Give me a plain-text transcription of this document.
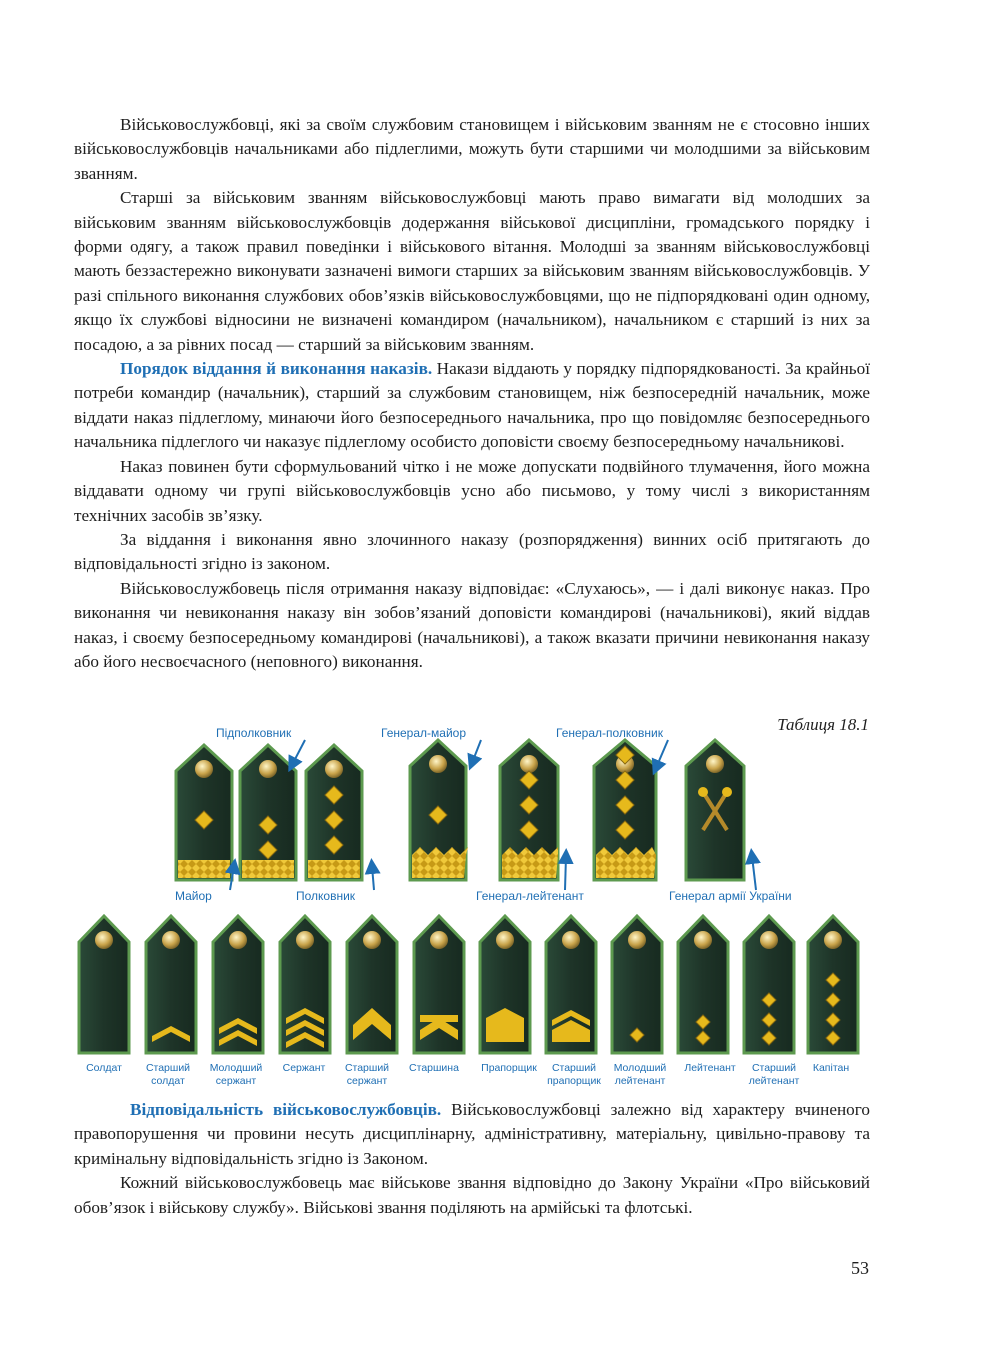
Військовослужбовці, які за своїм службовим становищем і військовим званням не є стосовно інших військовослужбовців начальниками або підлеглими, можуть бути старшими чи молодшими за військовим званням.

Старші за військовим званням військовослужбовці мають право вимагати від молодших за військовим званням військовослужбовців додержання військової дисципліни, громадського порядку і форми одягу, а також правил поведінки і військового вітання. Молодші за званням військовослужбовці мають беззастережно виконувати зазначені вимоги старших за військовим званням військовослужбовців. У разі спільного виконання службових обов’язків військовослужбовцями, що не підпорядковані один одному, якщо їх службові відносини не визначені командиром (начальником), начальником є старший із них за посадою, а за рівних посад — старший за військовим званням.

Порядок віддання й виконання наказів. Накази віддають у порядку підпорядкованості. За крайньої потреби командир (начальник), старший за службовим становищем, ніж безпосередній начальник, може віддати наказ підлеглому, минаючи його безпосереднього начальника, про що повідомляє безпосереднього начальника підлеглого чи наказує підлеглому особисто доповісти своєму безпосередньому начальникові.

Наказ повинен бути сформульований чітко і не може допускати подвійного тлумачення, його можна віддавати одному чи групі військовослужбовців усно або письмово, у тому числі з використанням технічних засобів зв’язку.

За віддання і виконання явно злочинного наказу (розпорядження) винних осіб притягають до відповідальності згідно із законом.

Військовослужбовець після отримання наказу відповідає: «Слухаюсь», — і далі виконує наказ. Про виконання чи невиконання наказу він зобов’язаний доповісти командирові (начальникові), який віддав наказ, і своєму безпосередньому командирові (начальникові), а також вказати причини невиконання наказу або його несвоєчасного (неповного) виконання.

Таблиця 18.1
Підполковник	Генерал-майор	Генерал-полковник
Майор	Полковник	Генерал-лейтенант	Генерал армії України
Солдат	Старший
солдат
Молодший
сержант
Сержант	Старший
сержант
Старшина	Прапорщик	Старший
прапорщик
Молодший
лейтенант
Лейтенант	Старший
лейтенант
Капітан

Відповідальність військовослужбовців. Військовослужбовці залежно від характеру вчиненого правопорушення чи провини несуть дисциплінарну, адміністративну, матеріальну, цивільно-правову та кримінальну відповідальність згідно із Законом.

Кожний військовослужбовець має військове звання відповідно до Закону України «Про військовий обов’язок і військову службу». Військові звання поділяють на армійські та флотські.

53
